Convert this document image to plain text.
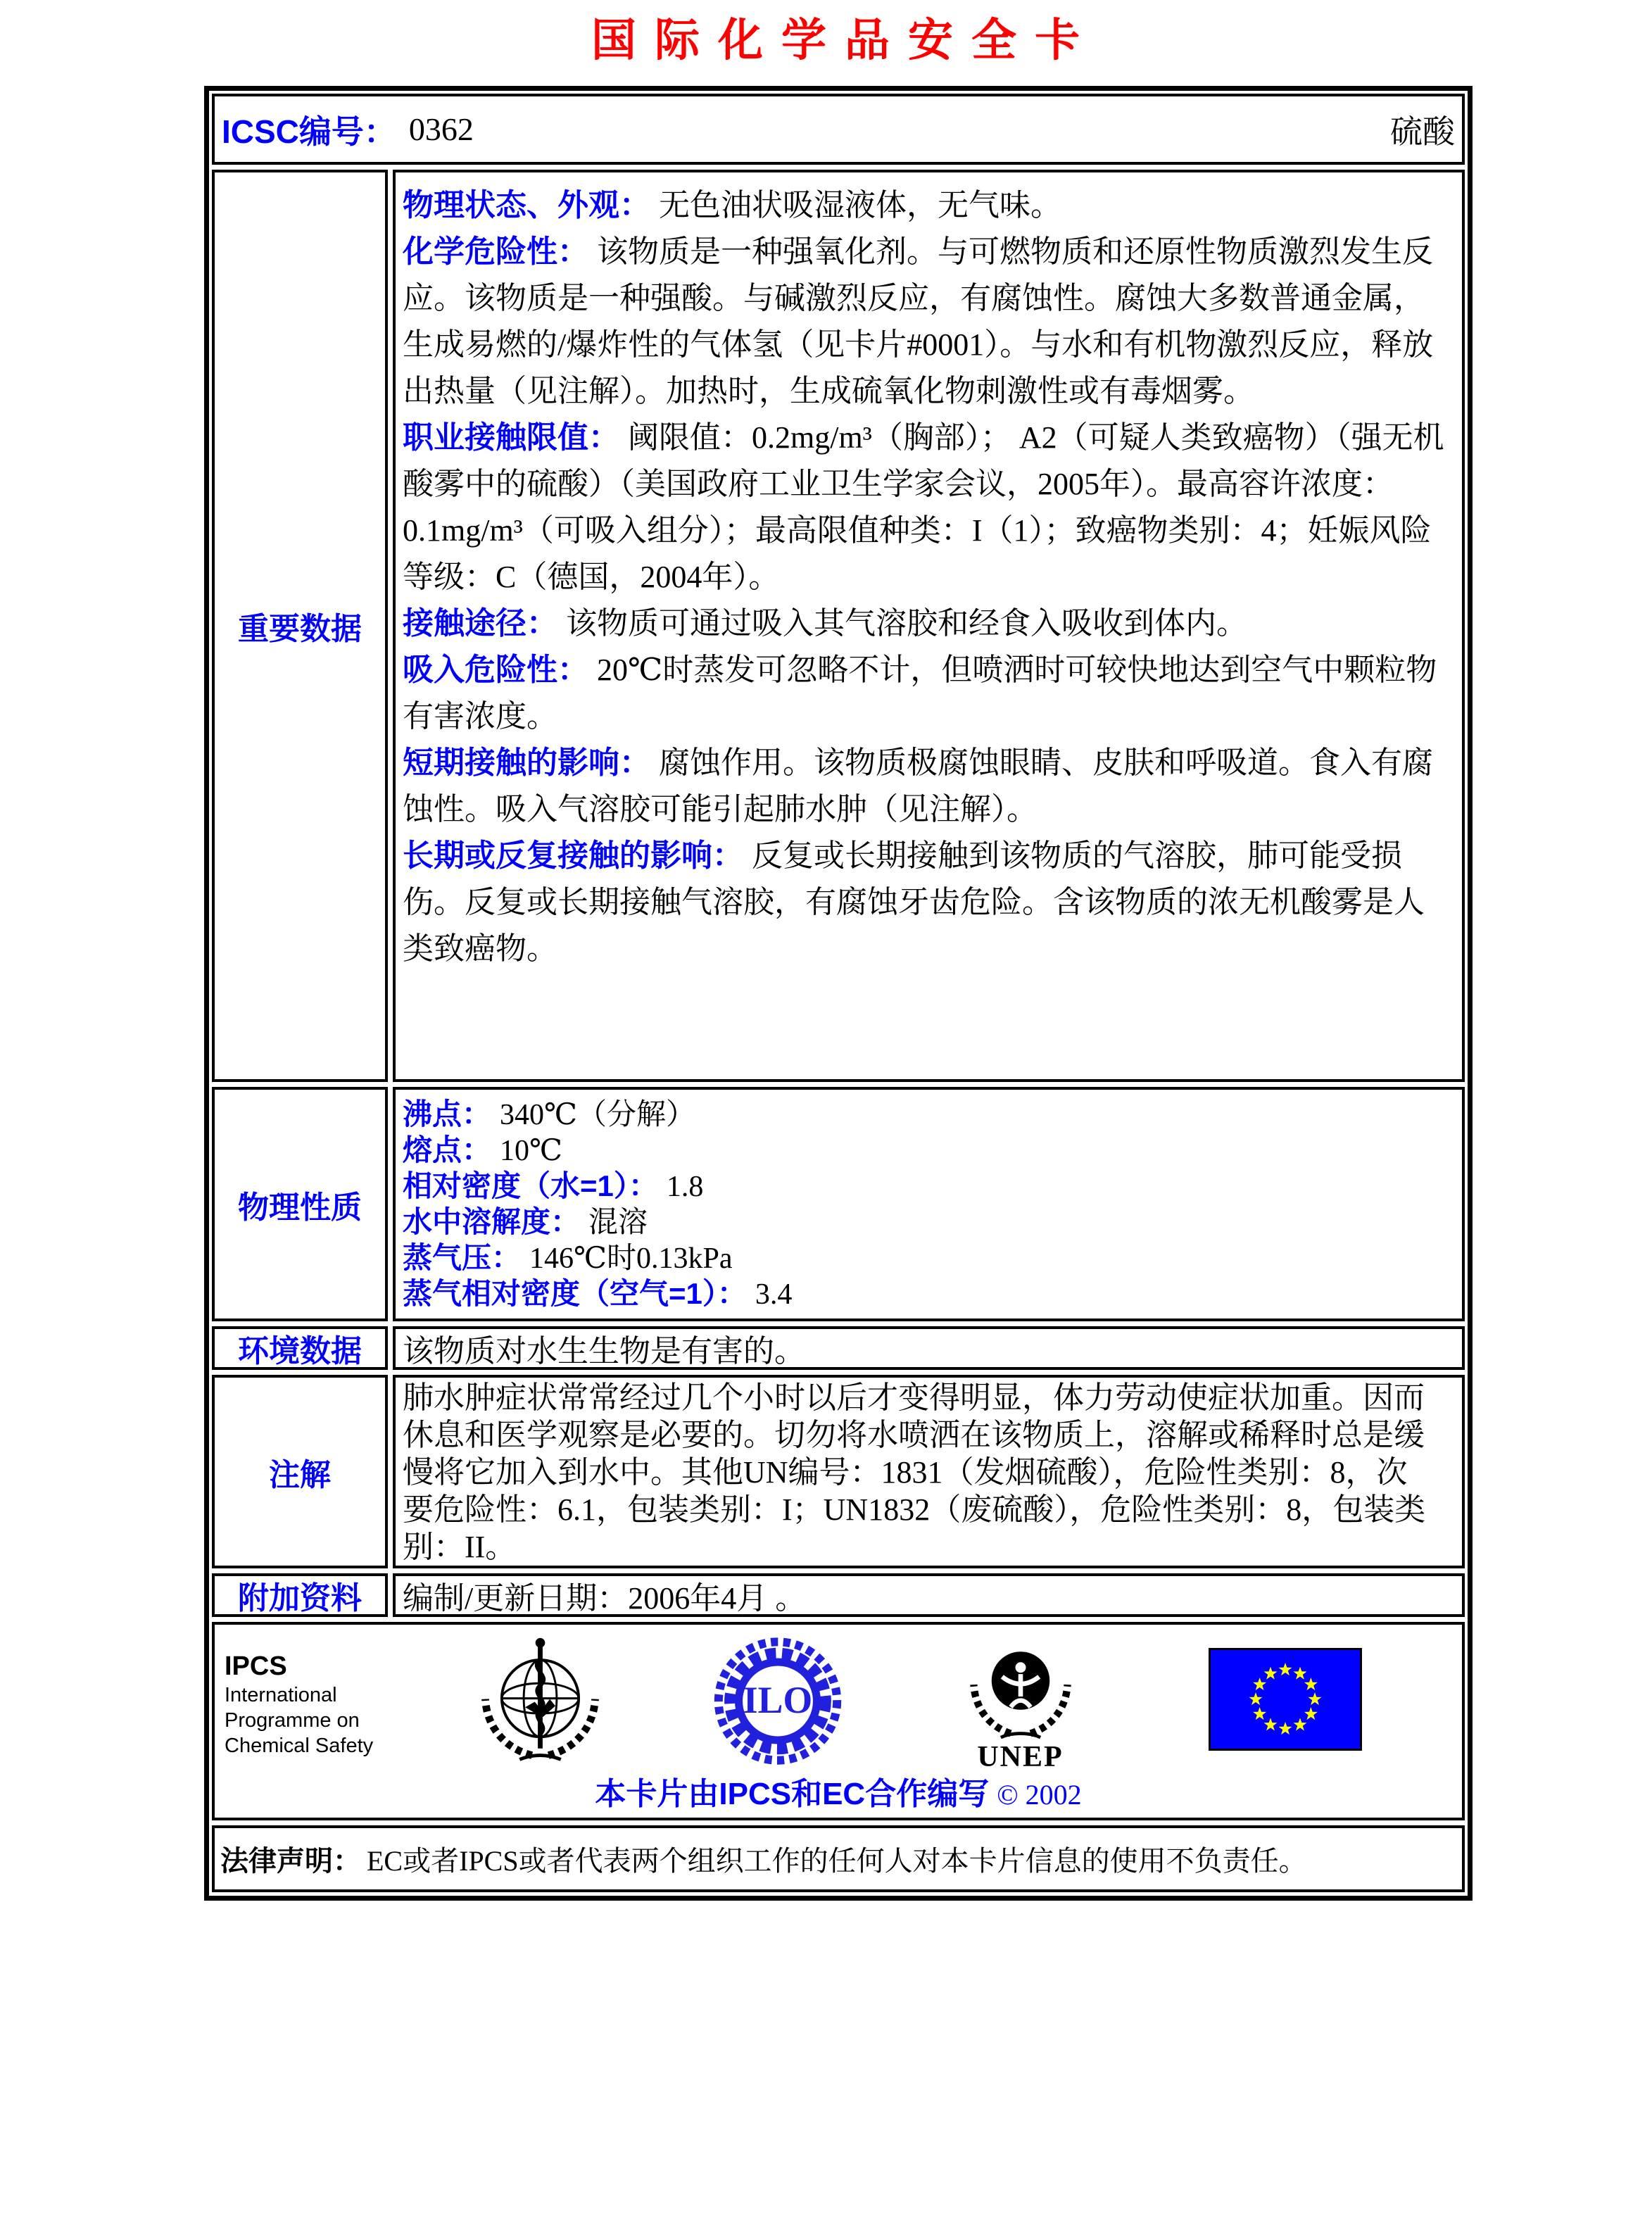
国际化学品安全卡
ICSC编号： 0362	硫酸
重要数据

物理状态、外观： 无色油状吸湿液体，无气味。

化学危险性： 该物质是一种强氧化剂。与可燃物质和还原性物质激烈发生反应。该物质是一种强酸。与碱激烈反应，有腐蚀性。腐蚀大多数普通金属，生成易燃的/爆炸性的气体氢（见卡片#0001）。与水和有机物激烈反应，释放出热量（见注解）。加热时，生成硫氧化物刺激性或有毒烟雾。

职业接触限值： 阈限值：0.2mg/m³（胸部）； A2（可疑人类致癌物）（强无机酸雾中的硫酸）（美国政府工业卫生学家会议，2005年）。最高容许浓度：0.1mg/m³（可吸入组分）；最高限值种类：I（1）；致癌物类别：4；妊娠风险等级：C（德国，2004年）。

接触途径： 该物质可通过吸入其气溶胶和经食入吸收到体内。

吸入危险性： 20℃时蒸发可忽略不计，但喷洒时可较快地达到空气中颗粒物有害浓度。

短期接触的影响： 腐蚀作用。该物质极腐蚀眼睛、皮肤和呼吸道。食入有腐蚀性。吸入气溶胶可能引起肺水肿（见注解）。

长期或反复接触的影响： 反复或长期接触到该物质的气溶胶，肺可能受损伤。反复或长期接触气溶胶，有腐蚀牙齿危险。含该物质的浓无机酸雾是人类致癌物。

物理性质

沸点： 340℃（分解）

熔点： 10℃

相对密度（水=1）： 1.8

水中溶解度： 混溶

蒸气压： 146℃时0.13kPa

蒸气相对密度（空气=1）： 3.4

环境数据 该物质对水生生物是有害的。
注解
肺水肿症状常常经过几个小时以后才变得明显，体力劳动使症状加重。因而休息和医学观察是必要的。切勿将水喷洒在该物质上，溶解或稀释时总是缓慢将它加入到水中。其他UN编号：1831（发烟硫酸），危险性类别：8，次要危险性：6.1，包装类别：I；UN1832（废硫酸），危险性类别：8，包装类别：II。
附加资料 编制/更新日期：2006年4月 。
IPCS
International
Programme on
Chemical Safety
ILO
UNEP
本卡片由IPCS和EC合作编写 © 2002
法律声明： EC或者IPCS或者代表两个组织工作的任何人对本卡片信息的使用不负责任。
